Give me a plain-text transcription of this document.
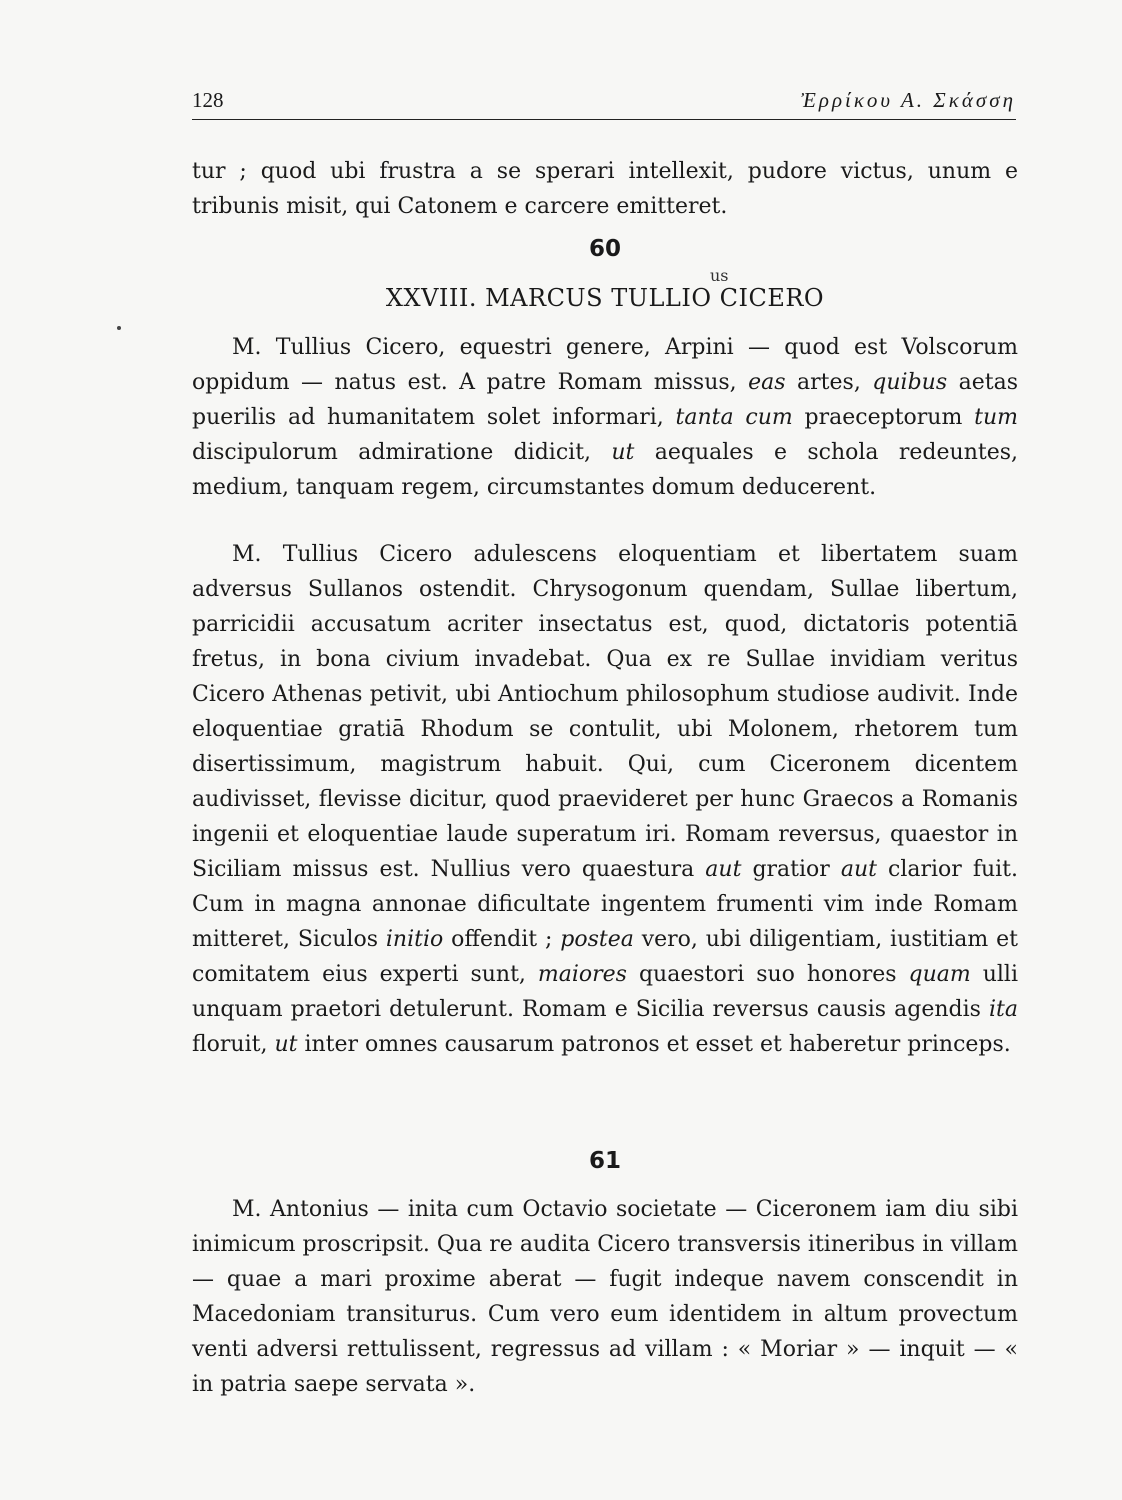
128	Ἐρρίκου Α. Σκάσση

tur ; quod ubi frustra a se sperari intellexit, pudore victus, unum e tribunis misit, qui Catonem e carcere emitteret.

60
us
XXVIII. MARCUS TULLIO CICERO

M. Tullius Cicero, equestri genere, Arpini — quod est Volscorum oppidum — natus est. A patre Romam missus, eas artes, quibus aetas puerilis ad humanitatem solet informari, tanta cum praeceptorum tum discipulorum admiratione didicit, ut aequales e schola redeuntes, medium, tanquam regem, circumstantes domum deducerent.

M. Tullius Cicero adulescens eloquentiam et libertatem suam adversus Sullanos ostendit. Chrysogonum quendam, Sullae libertum, parricidii accusatum acriter insectatus est, quod, dictatoris potentiā fretus, in bona civium invadebat. Qua ex re Sullae invidiam veritus Cicero Athenas petivit, ubi Antiochum philosophum studiose audivit. Inde eloquentiae gratiā Rhodum se contulit, ubi Molonem, rhetorem tum disertissimum, magistrum habuit. Qui, cum Ciceronem dicentem audivisset, flevisse dicitur, quod praevideret per hunc Graecos a Romanis ingenii et eloquentiae laude superatum iri. Romam reversus, quaestor in Siciliam missus est. Nullius vero quaestura aut gratior aut clarior fuit. Cum in magna annonae dificultate ingentem frumenti vim inde Romam mitteret, Siculos initio offendit ; postea vero, ubi diligentiam, iustitiam et comitatem eius experti sunt, maiores quaestori suo honores quam ulli unquam praetori detulerunt. Romam e Sicilia reversus causis agendis ita floruit, ut inter omnes causarum patronos et esset et haberetur princeps.

61

M. Antonius — inita cum Octavio societate — Ciceronem iam diu sibi inimicum proscripsit. Qua re audita Cicero transversis itineribus in villam — quae a mari proxime aberat — fugit indeque navem conscendit in Macedoniam transiturus. Cum vero eum identidem in altum provectum venti adversi rettulissent, regressus ad villam : « Moriar » — inquit — « in patria saepe servata ».
